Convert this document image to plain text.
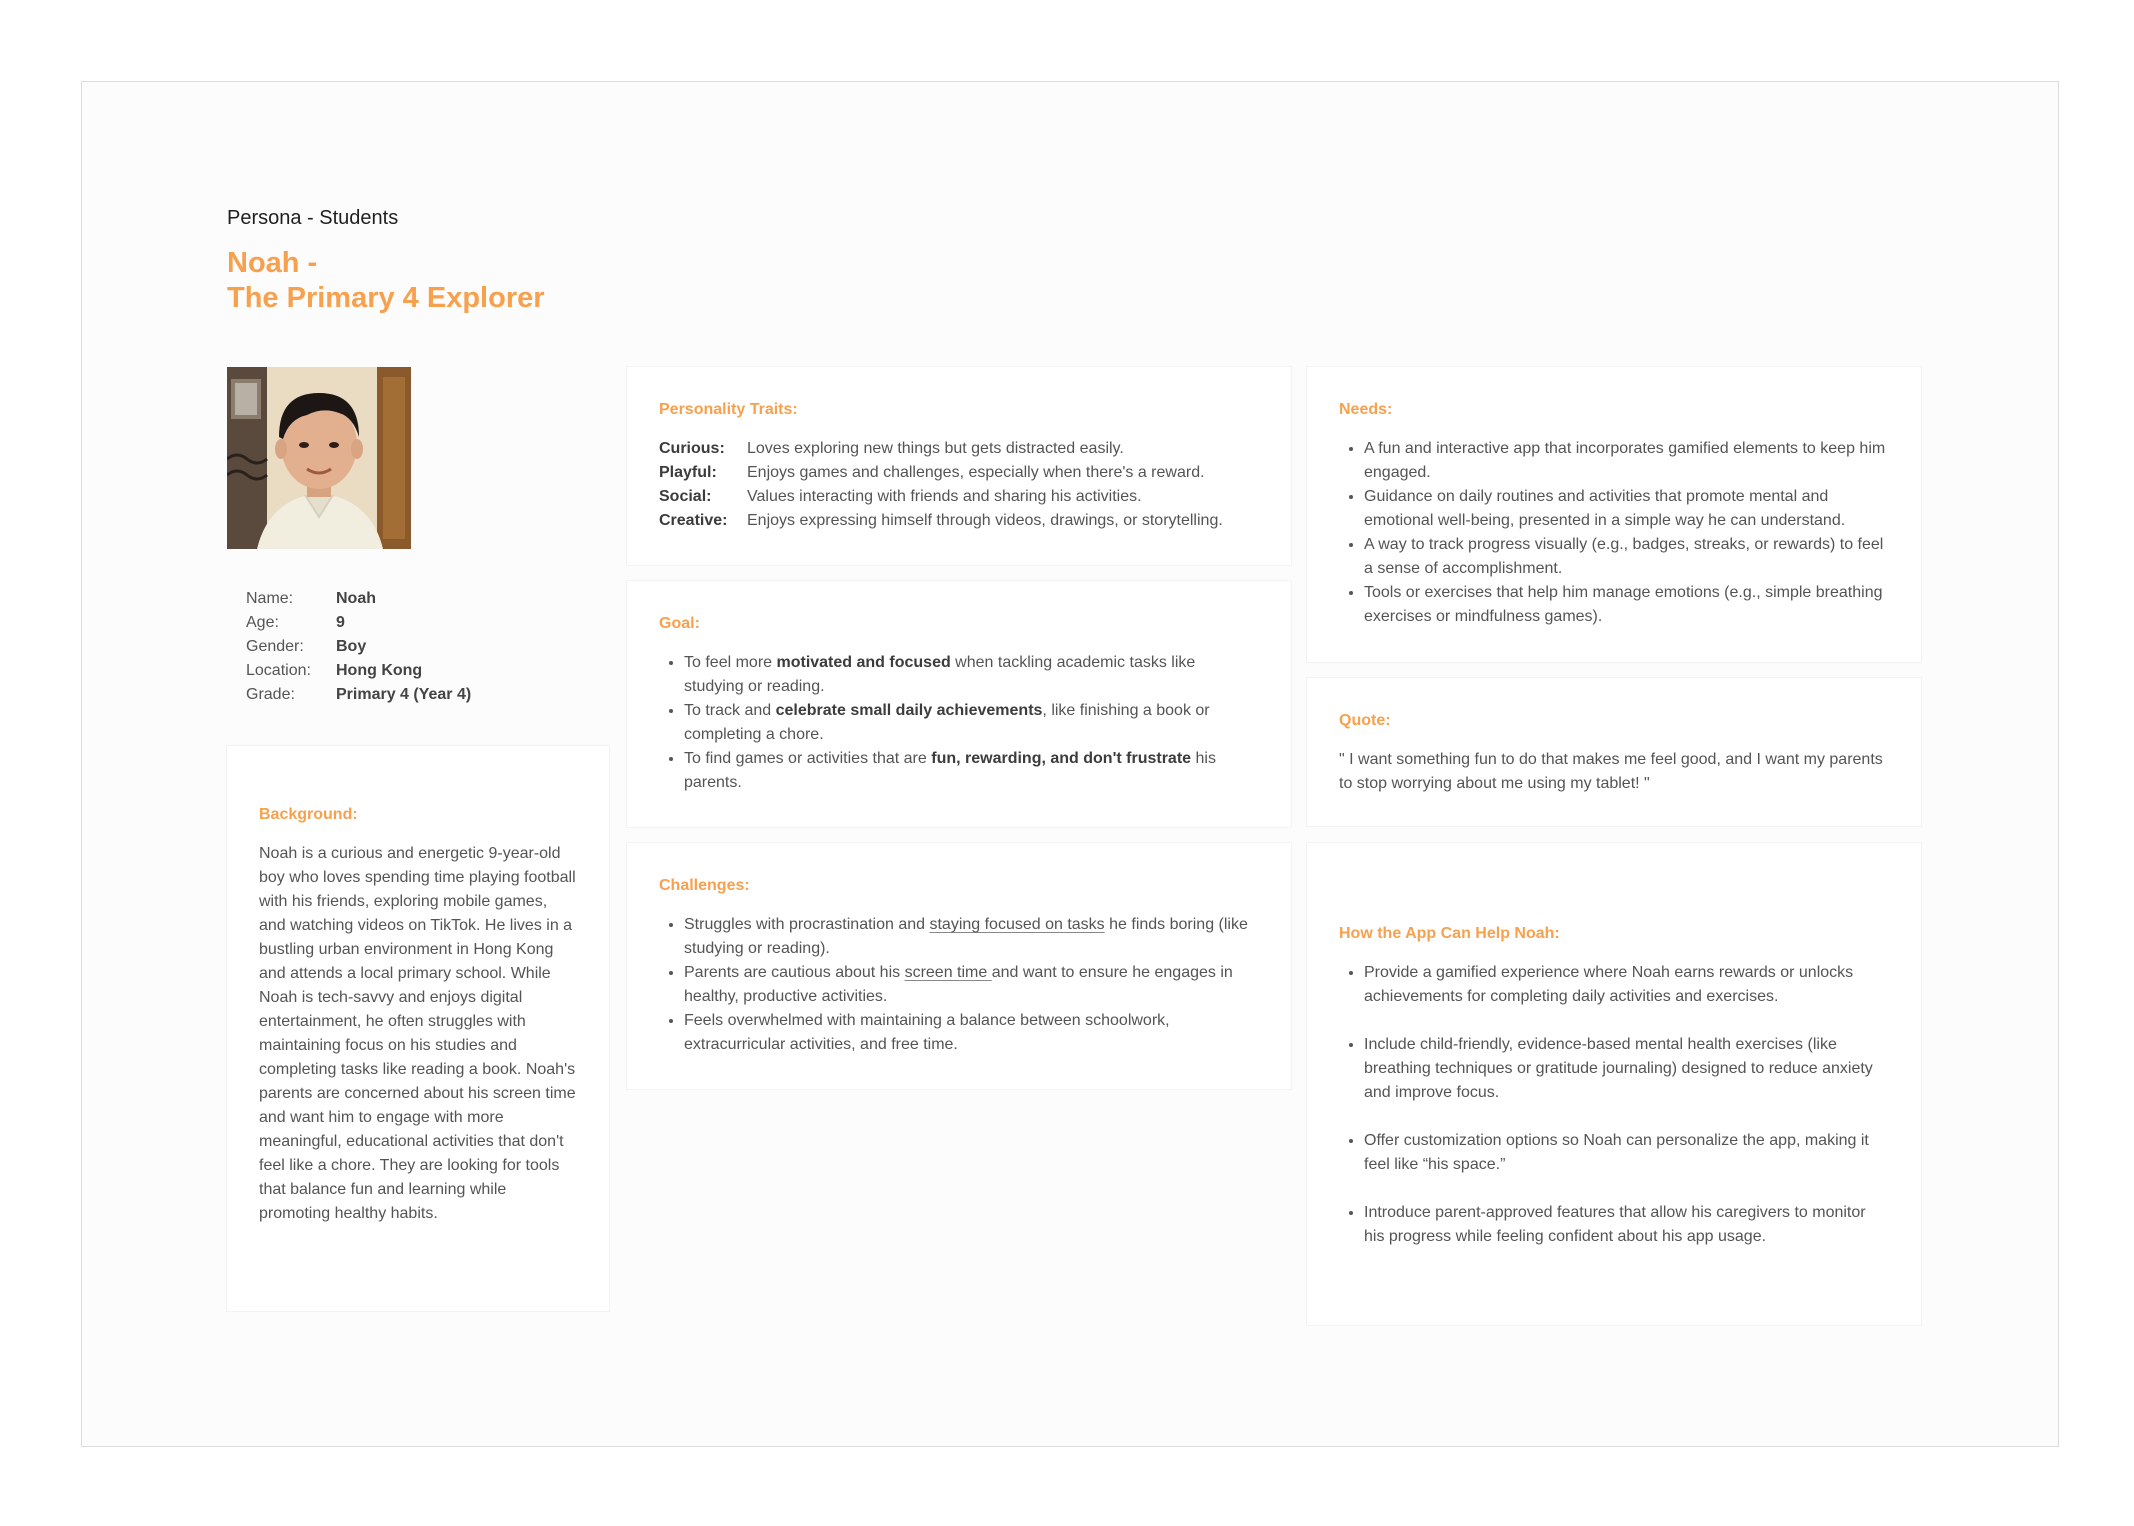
Persona - Students

Noah -
The Primary 4 Explorer
Name:	Noah
Age:	9
Gender:	Boy
Location:	Hong Kong
Grade:	Primary 4 (Year 4)
Background:

Noah is a curious and energetic 9-year-old boy who loves spending time playing football with his friends, exploring mobile games, and watching videos on TikTok. He lives in a bustling urban environment in Hong Kong and attends a local primary school. While Noah is tech-savvy and enjoys digital entertainment, he often struggles with maintaining focus on his studies and completing tasks like reading a book. Noah's parents are concerned about his screen time and want him to engage with more meaningful, educational activities that don't feel like a chore. They are looking for tools that balance fun and learning while promoting healthy habits.

Personality Traits:
Curious:	Loves exploring new things but gets distracted easily.
Playful:	Enjoys games and challenges, especially when there's a reward.
Social:	Values interacting with friends and sharing his activities.
Creative:	Enjoys expressing himself through videos, drawings, or storytelling.
Goal:
• To feel more motivated and focused when tackling academic tasks like studying or reading.
• To track and celebrate small daily achievements, like finishing a book or completing a chore.
• To find games or activities that are fun, rewarding, and don't frustrate his parents.
Challenges:
• Struggles with procrastination and staying focused on tasks he finds boring (like studying or reading).
• Parents are cautious about his screen time and want to ensure he engages in healthy, productive activities.
• Feels overwhelmed with maintaining a balance between schoolwork, extracurricular activities, and free time.
Needs:
• A fun and interactive app that incorporates gamified elements to keep him engaged.
• Guidance on daily routines and activities that promote mental and emotional well-being, presented in a simple way he can understand.
• A way to track progress visually (e.g., badges, streaks, or rewards) to feel a sense of accomplishment.
• Tools or exercises that help him manage emotions (e.g., simple breathing exercises or mindfulness games).
Quote:

" I want something fun to do that makes me feel good, and I want my parents to stop worrying about me using my tablet! "

How the App Can Help Noah:
• Provide a gamified experience where Noah earns rewards or unlocks achievements for completing daily activities and exercises.
• Include child-friendly, evidence-based mental health exercises (like breathing techniques or gratitude journaling) designed to reduce anxiety and improve focus.
• Offer customization options so Noah can personalize the app, making it feel like “his space.”
• Introduce parent-approved features that allow his caregivers to monitor his progress while feeling confident about his app usage.
